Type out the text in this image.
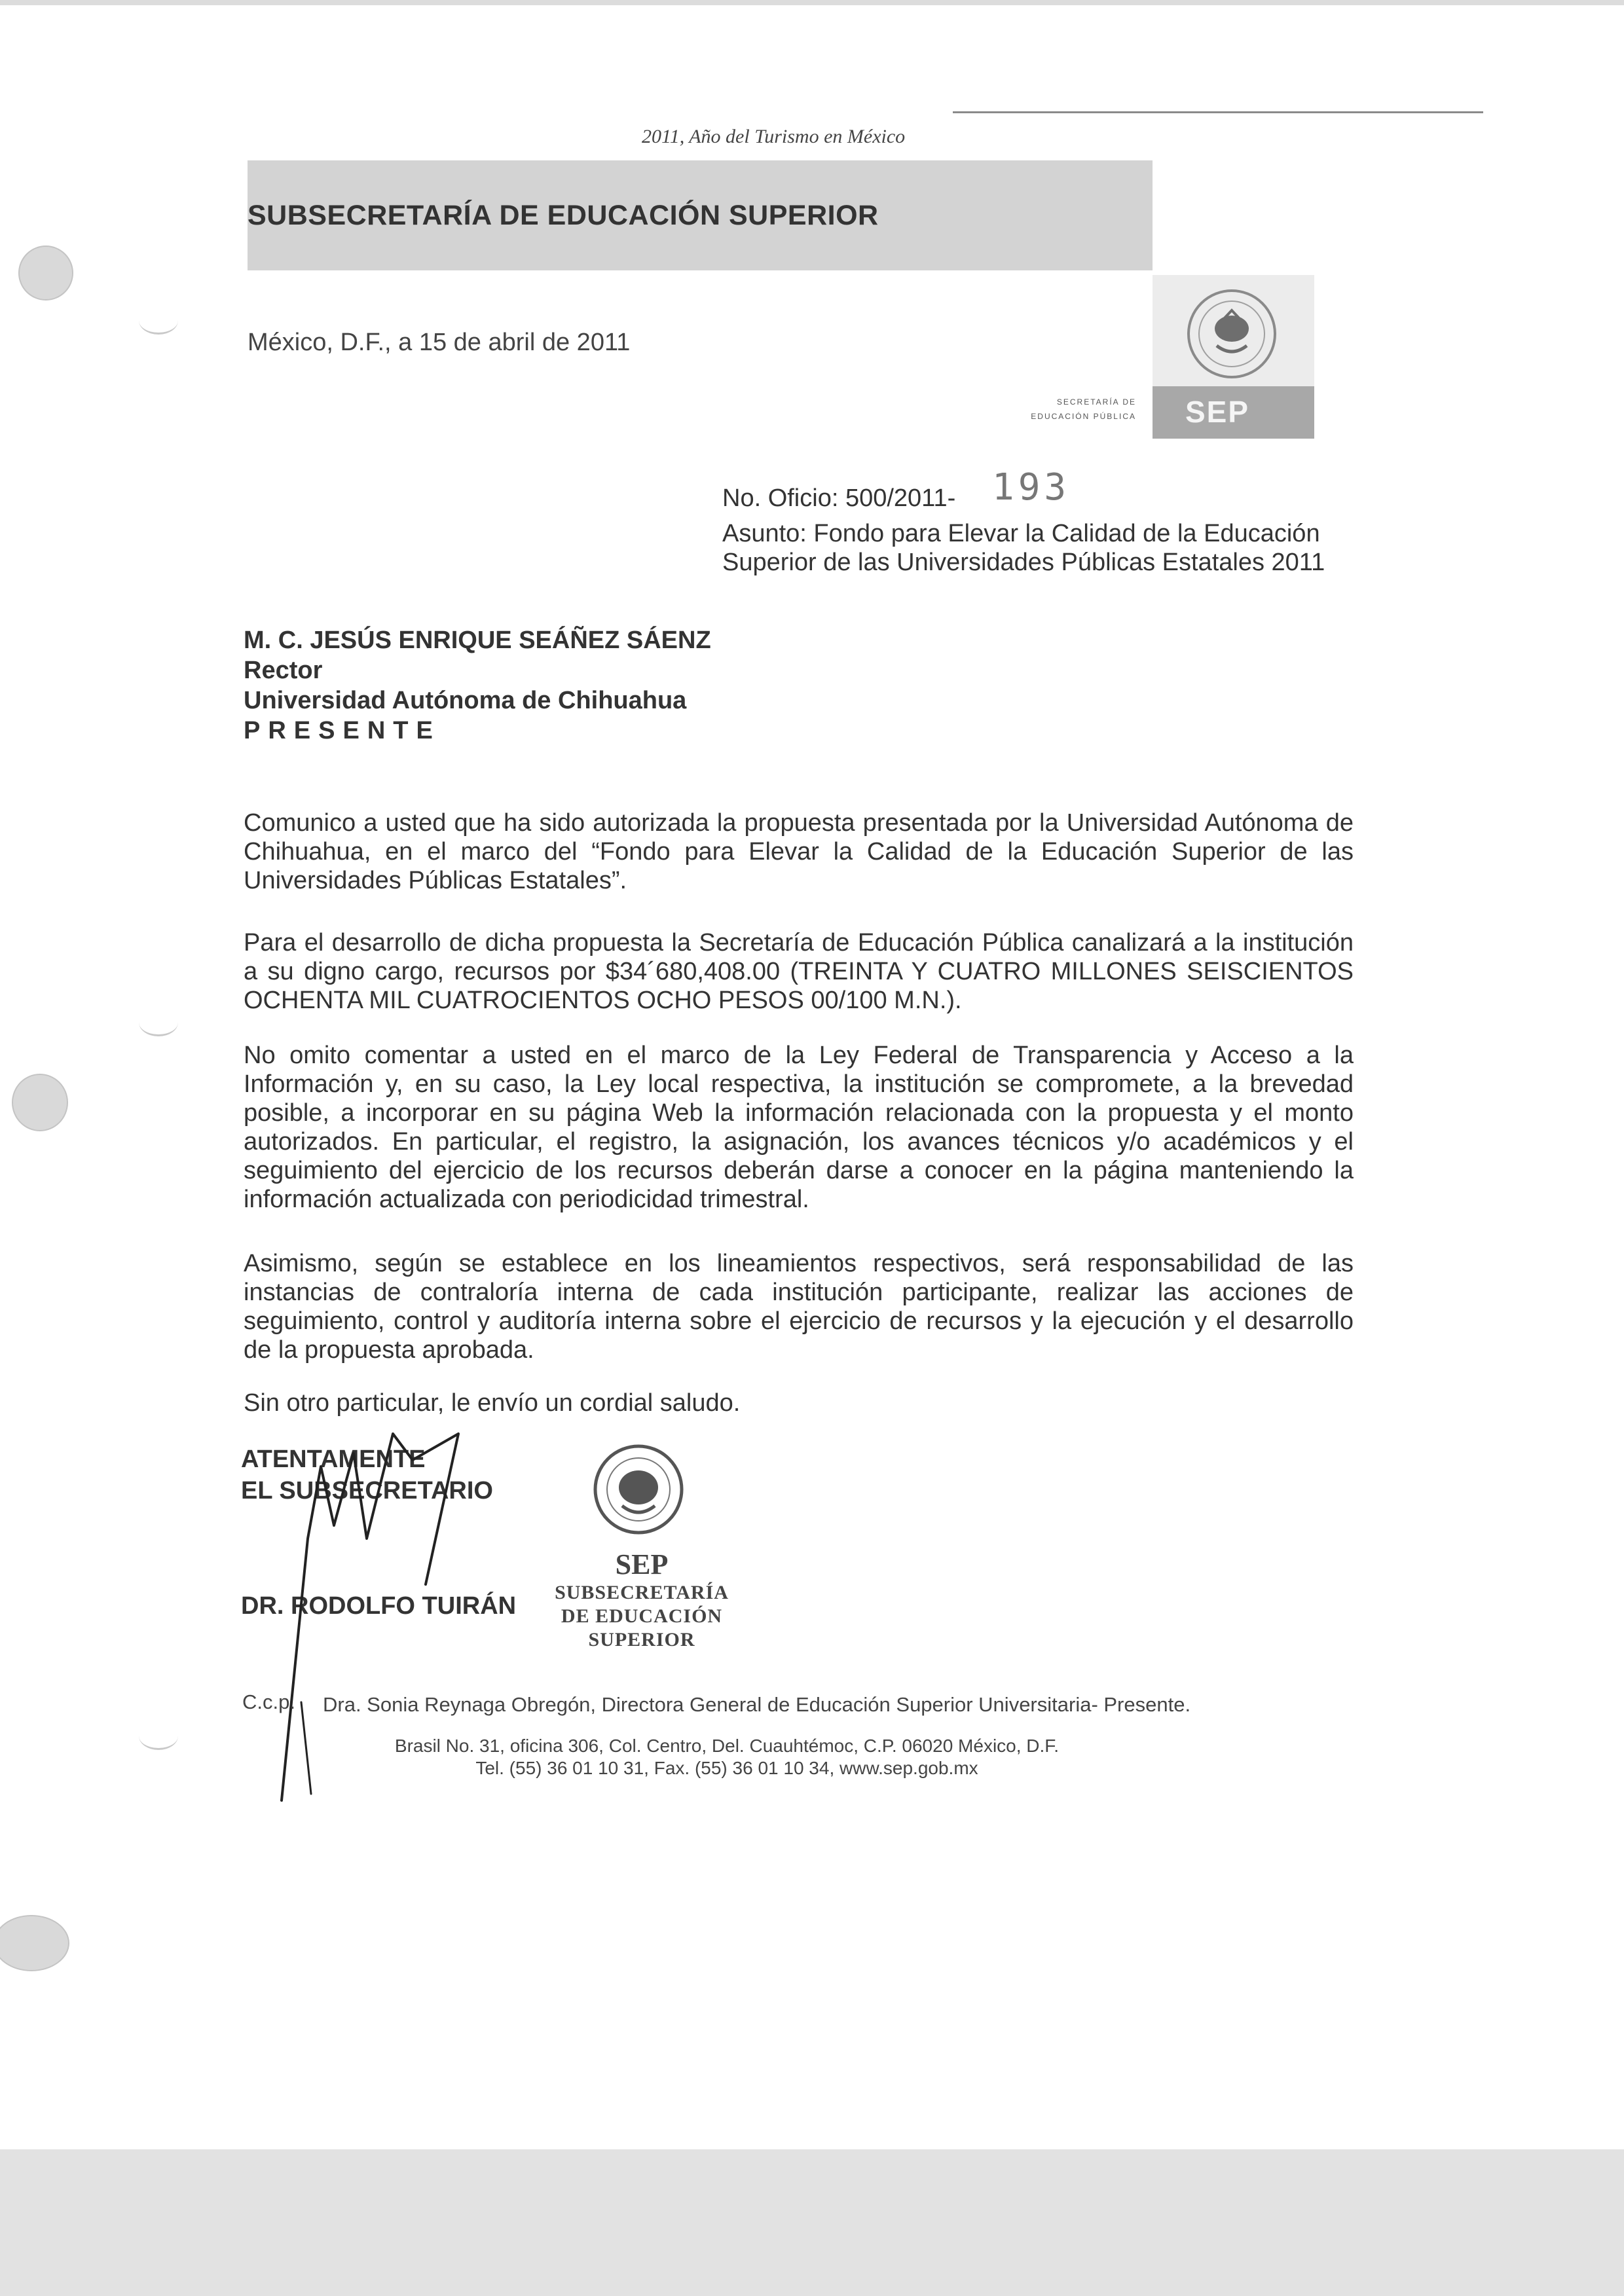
2011, Año del Turismo en México
SUBSECRETARÍA DE EDUCACIÓN SUPERIOR
SEP
SECRETARÍA DE
EDUCACIÓN PÚBLICA
México, D.F., a 15 de abril de 2011
No. Oficio: 500/2011- 193
Asunto: Fondo para Elevar la Calidad de la Educación
Superior de las Universidades Públicas Estatales 2011
M. C. JESÚS ENRIQUE SEÁÑEZ SÁENZ
Rector
Universidad Autónoma de Chihuahua
PRESENTE

Comunico a usted que ha sido autorizada la propuesta presentada por la Universidad Autónoma de Chihuahua, en el marco del “Fondo para Elevar la Calidad de la Educación Superior de las Universidades Públicas Estatales”.

Para el desarrollo de dicha propuesta la Secretaría de Educación Pública canalizará a la institución a su digno cargo, recursos por $34´680,408.00 (TREINTA Y CUATRO MILLONES SEISCIENTOS OCHENTA MIL CUATROCIENTOS OCHO PESOS 00/100 M.N.).

No omito comentar a usted en el marco de la Ley Federal de Transparencia y Acceso a la Información y, en su caso, la Ley local respectiva, la institución se compromete, a la brevedad posible, a incorporar en su página Web la información relacionada con la propuesta y el monto autorizados. En particular, el registro, la asignación, los avances técnicos y/o académicos y el seguimiento del ejercicio de los recursos deberán darse a conocer en la página manteniendo la información actualizada con periodicidad trimestral.

Asimismo, según se establece en los lineamientos respectivos, será responsabilidad de las instancias de contraloría interna de cada institución participante, realizar las acciones de seguimiento, control y auditoría interna sobre el ejercicio de recursos y la ejecución y el desarrollo de la propuesta aprobada.

Sin otro particular, le envío un cordial saludo.
ATENTAMENTE
EL SUBSECRETARIO
DR. RODOLFO TUIRÁN
SEP
SUBSECRETARÍA
DE EDUCACIÓN
SUPERIOR
C.c.p. Dra. Sonia Reynaga Obregón, Directora General de Educación Superior Universitaria- Presente.
Brasil No. 31, oficina 306, Col. Centro, Del. Cuauhtémoc, C.P. 06020 México, D.F.
Tel. (55) 36 01 10 31, Fax. (55) 36 01 10 34, www.sep.gob.mx
